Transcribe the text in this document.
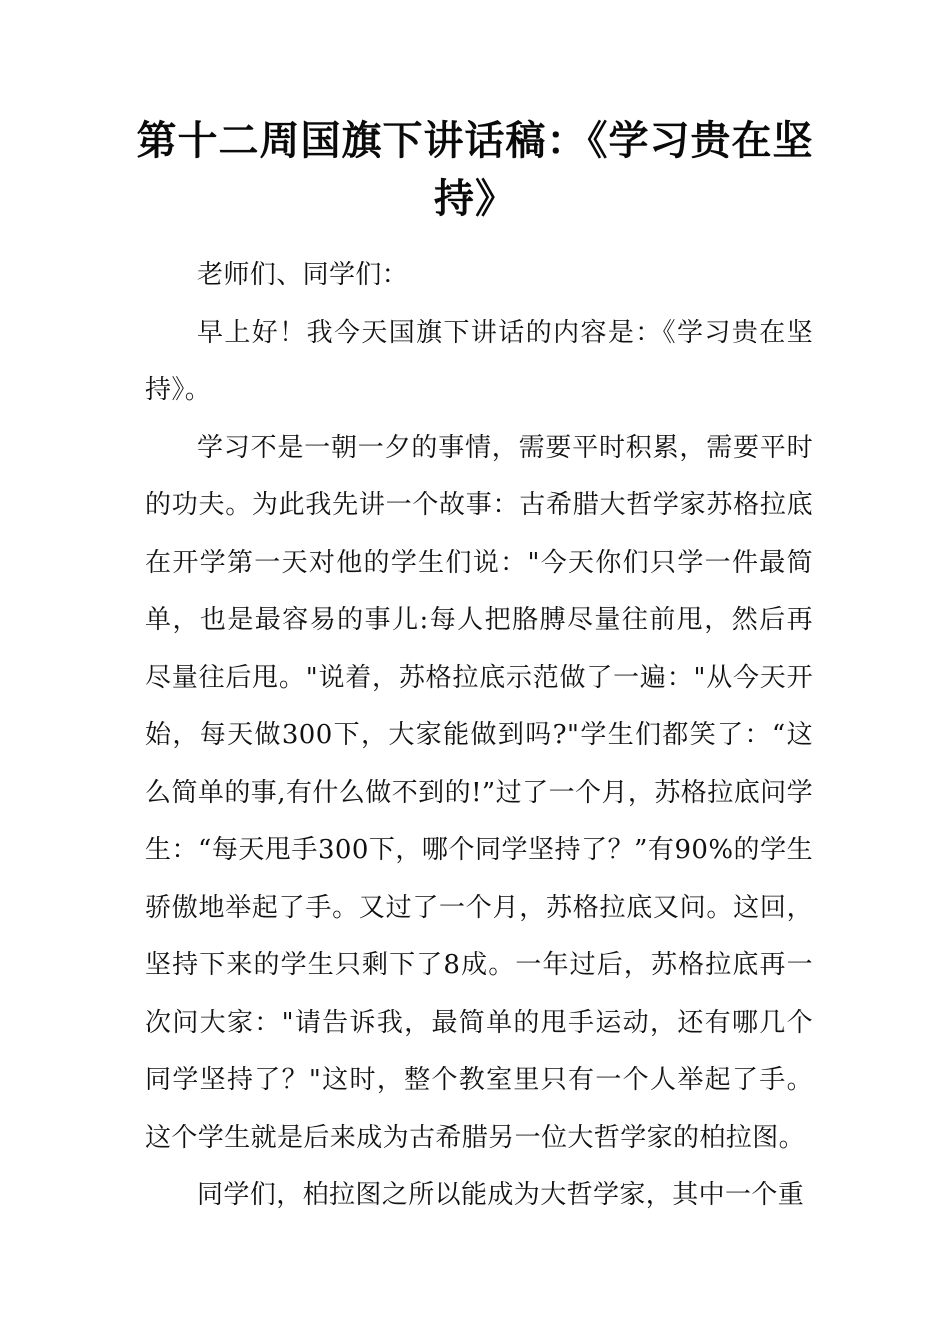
第十二周国旗下讲话稿：《学习贵在坚持》

老师们、同学们：

早上好！我今天国旗下讲话的内容是：《学习贵在坚持》。

学习不是一朝一夕的事情，需要平时积累，需要平时的功夫。为此我先讲一个故事：古希腊大哲学家苏格拉底在开学第一天对他的学生们说："今天你们只学一件最简单，也是最容易的事儿:每人把胳膊尽量往前甩，然后再尽量往后甩。"说着，苏格拉底示范做了一遍："从今天开始，每天做300下，大家能做到吗?"学生们都笑了：“这么简单的事,有什么做不到的!”过了一个月，苏格拉底问学生：“每天甩手300下，哪个同学坚持了？”有90%的学生骄傲地举起了手。又过了一个月，苏格拉底又问。这回，坚持下来的学生只剩下了8成。一年过后，苏格拉底再一次问大家："请告诉我，最简单的甩手运动，还有哪几个同学坚持了？"这时，整个教室里只有一个人举起了手。这个学生就是后来成为古希腊另一位大哲学家的柏拉图。

同学们，柏拉图之所以能成为大哲学家，其中一个重
